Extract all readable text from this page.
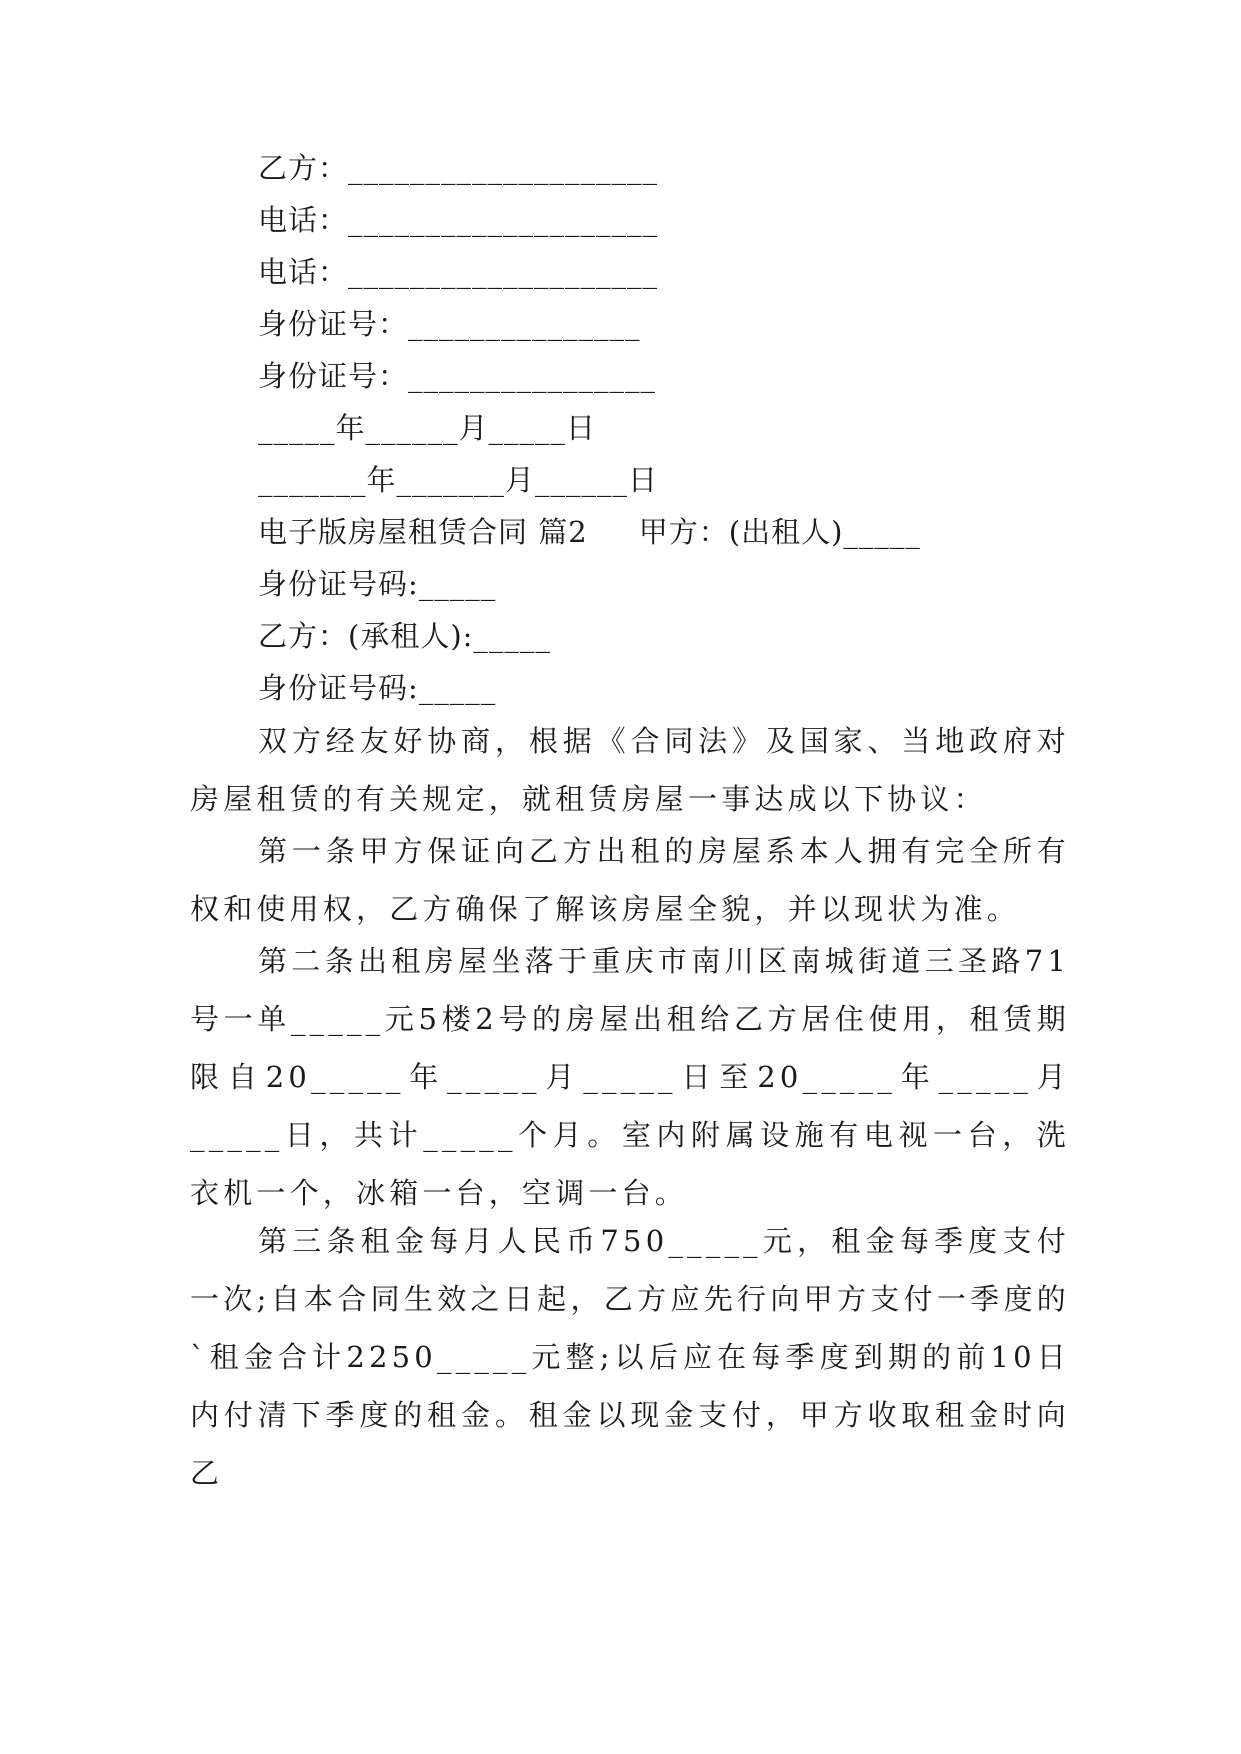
乙方：____________________
电话：____________________
电话：____________________
身份证号：_______________
身份证号：________________
_____年______月_____日
_______年_______月______日
电子版房屋租赁合同 篇2     甲方：(出租人)_____
身份证号码:_____
乙方：(承租人):_____
身份证号码:_____

双方经友好协商，根据《合同法》及国家、当地政府对房屋租赁的有关规定，就租赁房屋一事达成以下协议：

第一条甲方保证向乙方出租的房屋系本人拥有完全所有权和使用权，乙方确保了解该房屋全貌，并以现状为准。

第二条出租房屋坐落于重庆市南川区南城街道三圣路71号一单_____元5楼2号的房屋出租给乙方居住使用，租赁期限自20_____年_____月_____日至20_____年_____月_____日，共计_____个月。室内附属设施有电视一台，洗衣机一个，冰箱一台，空调一台。

第三条租金每月人民币750_____元，租金每季度支付一次;自本合同生效之日起，乙方应先行向甲方支付一季度的`租金合计2250_____元整;以后应在每季度到期的前10日内付清下季度的租金。租金以现金支付，甲方收取租金时向乙
